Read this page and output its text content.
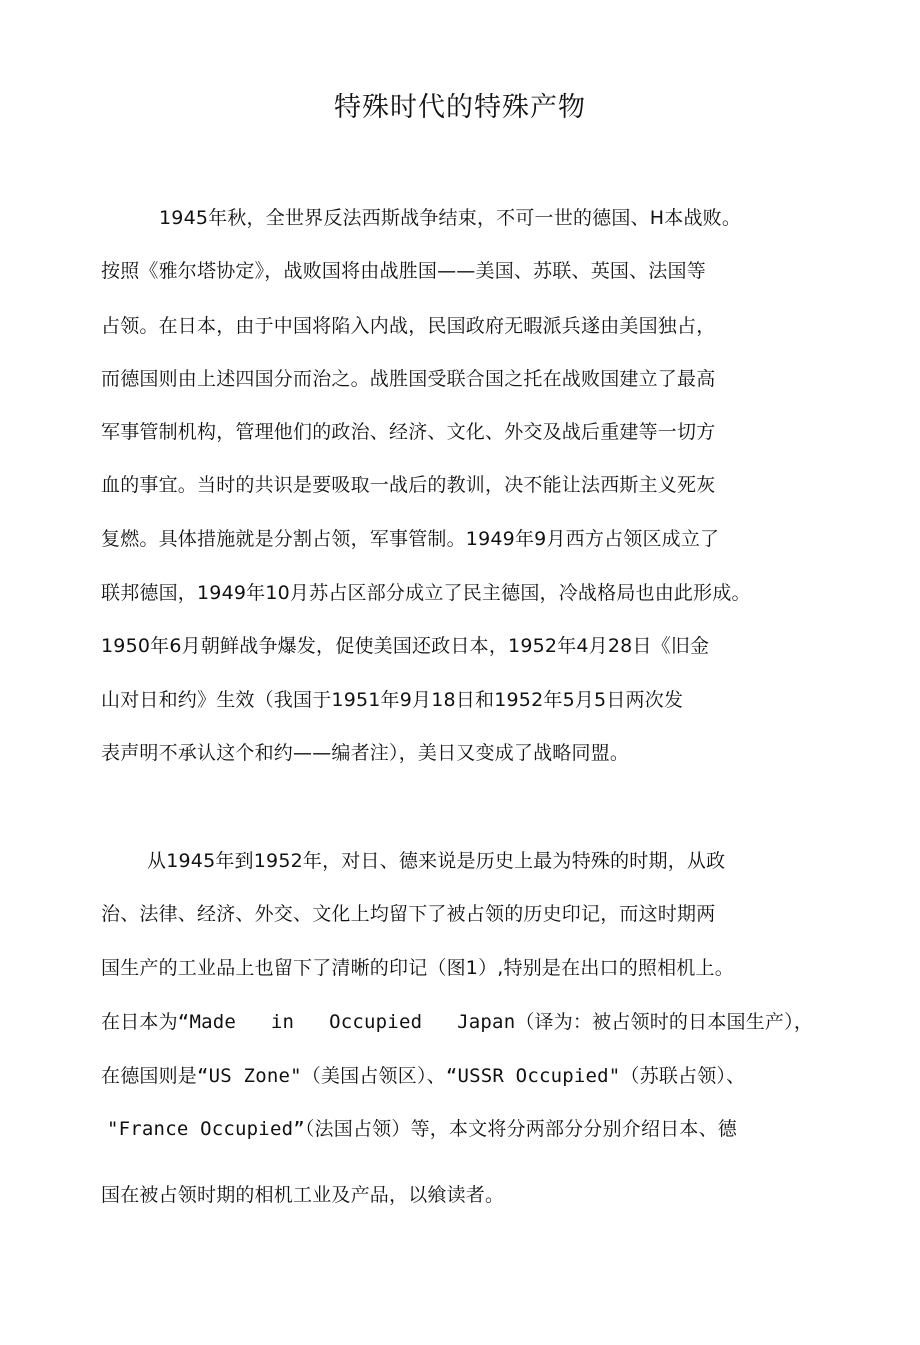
特殊时代的特殊产物
1945年秋，全世界反法西斯战争结束，不可一世的德国、H本战败。
按照《雅尔塔协定》，战败国将由战胜国——美国、苏联、英国、法国等
占领。在日本，由于中国将陷入内战，民国政府无暇派兵遂由美国独占，
而德国则由上述四国分而治之。战胜国受联合国之托在战败国建立了最高
军事管制机构，管理他们的政治、经济、文化、外交及战后重建等一切方
血的事宜。当时的共识是要吸取一战后的教训，决不能让法西斯主义死灰
复燃。具体措施就是分割占领，军事管制。1949年9月西方占领区成立了
联邦德国，1949年10月苏占区部分成立了民主德国，冷战格局也由此形成。
1950年6月朝鲜战争爆发，促使美国还政日本，1952年4月28日《旧金
山对日和约》生效（我国于1951年9月18日和1952年5月5日两次发
表声明不承认这个和约——编者注），美日又变成了战略同盟。
从1945年到1952年，对日、德来说是历史上最为特殊的时期，从政
治、法律、经济、外交、文化上均留下了被占领的历史印记，而这时期两
国生产的工业品上也留下了清晰的印记（图1）,特别是在出口的照相机上。
在日本为“Made   in   Occupied   Japan（译为：被占领时的日本国生产），
在德国则是“US Zone"（美国占领区）、“USSR Occupied"（苏联占领）、
"France Occupied”（法国占领）等，本文将分两部分分别介绍日本、德
国在被占领时期的相机工业及产品，以飨读者。
